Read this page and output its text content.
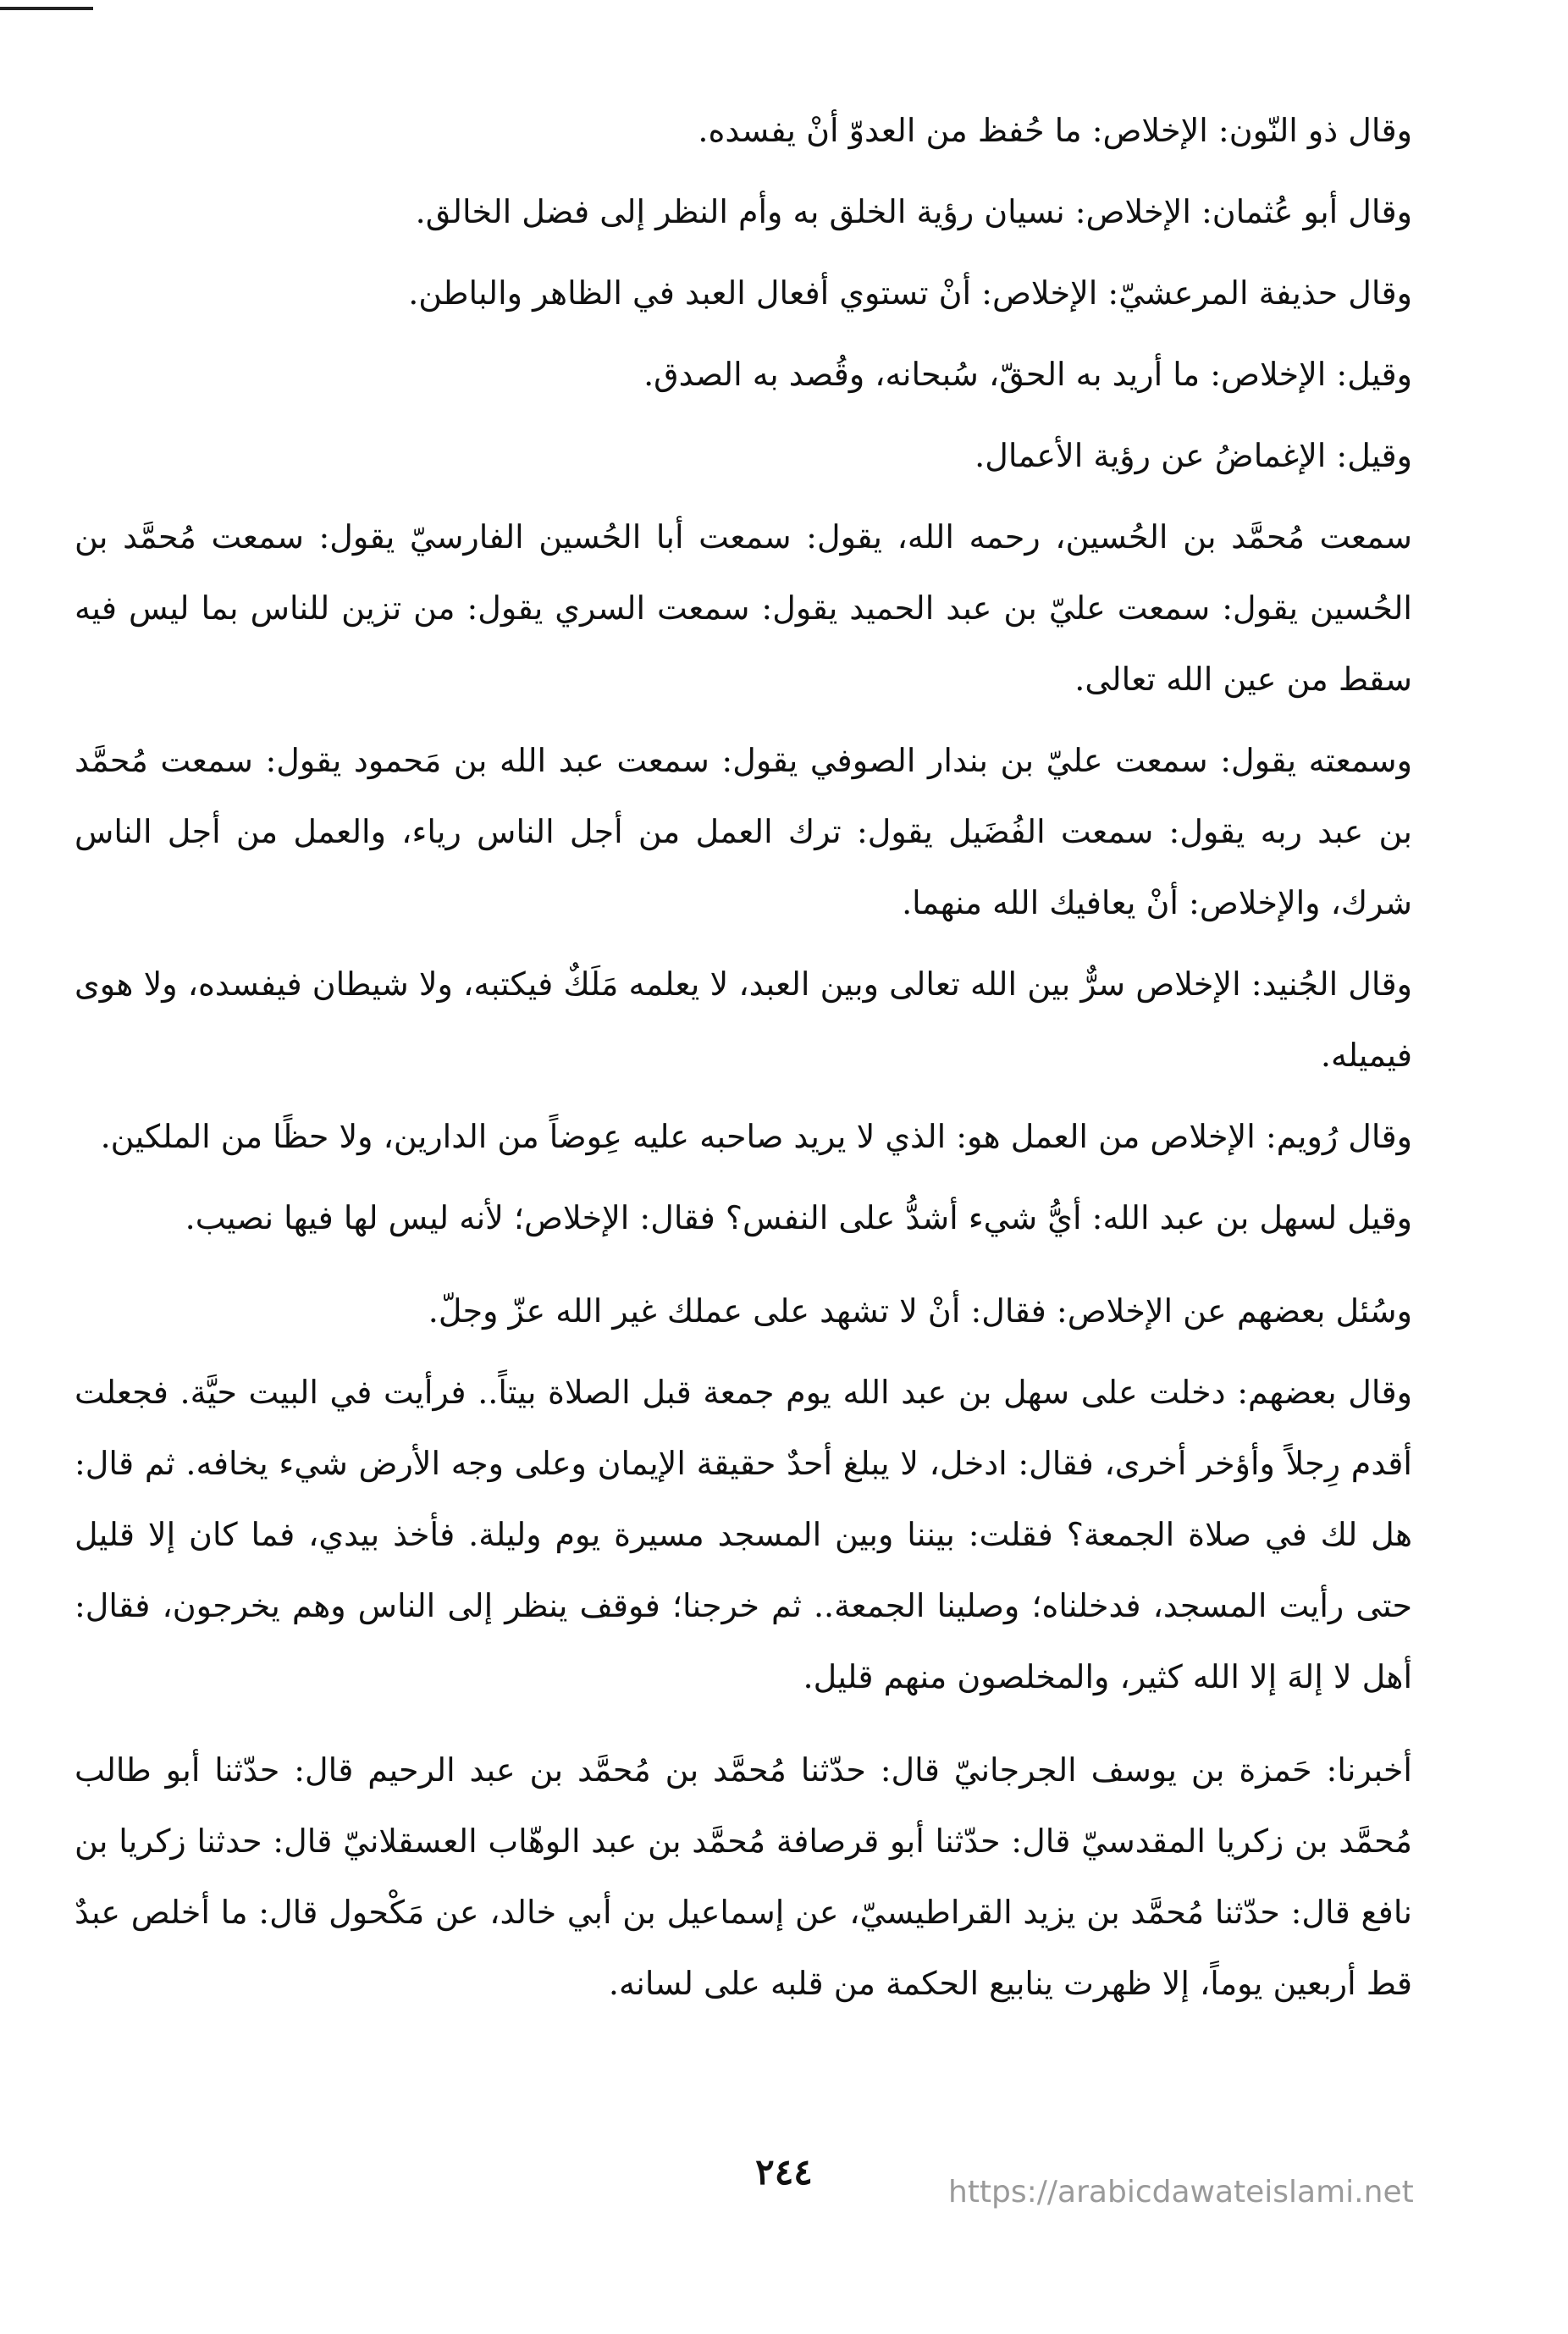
وقال ذو النّون: الإخلاص: ما حُفظ من العدوّ أنْ يفسده.

وقال أبو عُثمان: الإخلاص: نسيان رؤية الخلق به وأم النظر إلى فضل الخالق.

وقال حذيفة المرعشيّ: الإخلاص: أنْ تستوي أفعال العبد في الظاهر والباطن.

وقيل: الإخلاص: ما أريد به الحقّ، سُبحانه، وقُصد به الصدق.

وقيل: الإغماضُ عن رؤية الأعمال.

سمعت مُحمَّد بن الحُسين، رحمه الله، يقول: سمعت أبا الحُسين الفارسيّ يقول: سمعت مُحمَّد بن الحُسين يقول: سمعت عليّ بن عبد الحميد يقول: سمعت السري يقول: من تزين للناس بما ليس فيه سقط من عين الله تعالى.

وسمعته يقول: سمعت عليّ بن بندار الصوفي يقول: سمعت عبد الله بن مَحمود يقول: سمعت مُحمَّد بن عبد ربه يقول: سمعت الفُضَيل يقول: ترك العمل من أجل الناس رياء، والعمل من أجل الناس شرك، والإخلاص: أنْ يعافيك الله منهما.

وقال الجُنيد: الإخلاص سرٌّ بين الله تعالى وبين العبد، لا يعلمه مَلَكٌ فيكتبه، ولا شيطان فيفسده، ولا هوى فيميله.

وقال رُويم: الإخلاص من العمل هو: الذي لا يريد صاحبه عليه عِوضاً من الدارين، ولا حظًا من الملكين.

وقيل لسهل بن عبد الله: أيُّ شيء أشدُّ على النفس؟ فقال: الإخلاص؛ لأنه ليس لها فيها نصيب.

وسُئل بعضهم عن الإخلاص: فقال: أنْ لا تشهد على عملك غير الله عزّ وجلّ.

وقال بعضهم: دخلت على سهل بن عبد الله يوم جمعة قبل الصلاة بيتاً.. فرأيت في البيت حيَّة. فجعلت أقدم رِجلاً وأؤخر أخرى، فقال: ادخل، لا يبلغ أحدٌ حقيقة الإيمان وعلى وجه الأرض شيء يخافه. ثم قال: هل لك في صلاة الجمعة؟ فقلت: بيننا وبين المسجد مسيرة يوم وليلة. فأخذ بيدي، فما كان إلا قليل حتى رأيت المسجد، فدخلناه؛ وصلينا الجمعة.. ثم خرجنا؛ فوقف ينظر إلى الناس وهم يخرجون، فقال: أهل لا إلهَ إلا الله كثير، والمخلصون منهم قليل.

أخبرنا: حَمزة بن يوسف الجرجانيّ قال: حدّثنا مُحمَّد بن مُحمَّد بن عبد الرحيم قال: حدّثنا أبو طالب مُحمَّد بن زكريا المقدسيّ قال: حدّثنا أبو قرصافة مُحمَّد بن عبد الوهّاب العسقلانيّ قال: حدثنا زكريا بن نافع قال: حدّثنا مُحمَّد بن يزيد القراطيسيّ، عن إسماعيل بن أبي خالد، عن مَكْحول قال: ما أخلص عبدٌ قط أربعين يوماً، إلا ظهرت ينابيع الحكمة من قلبه على لسانه.

٢٤٤	https://arabicdawateislami.net
